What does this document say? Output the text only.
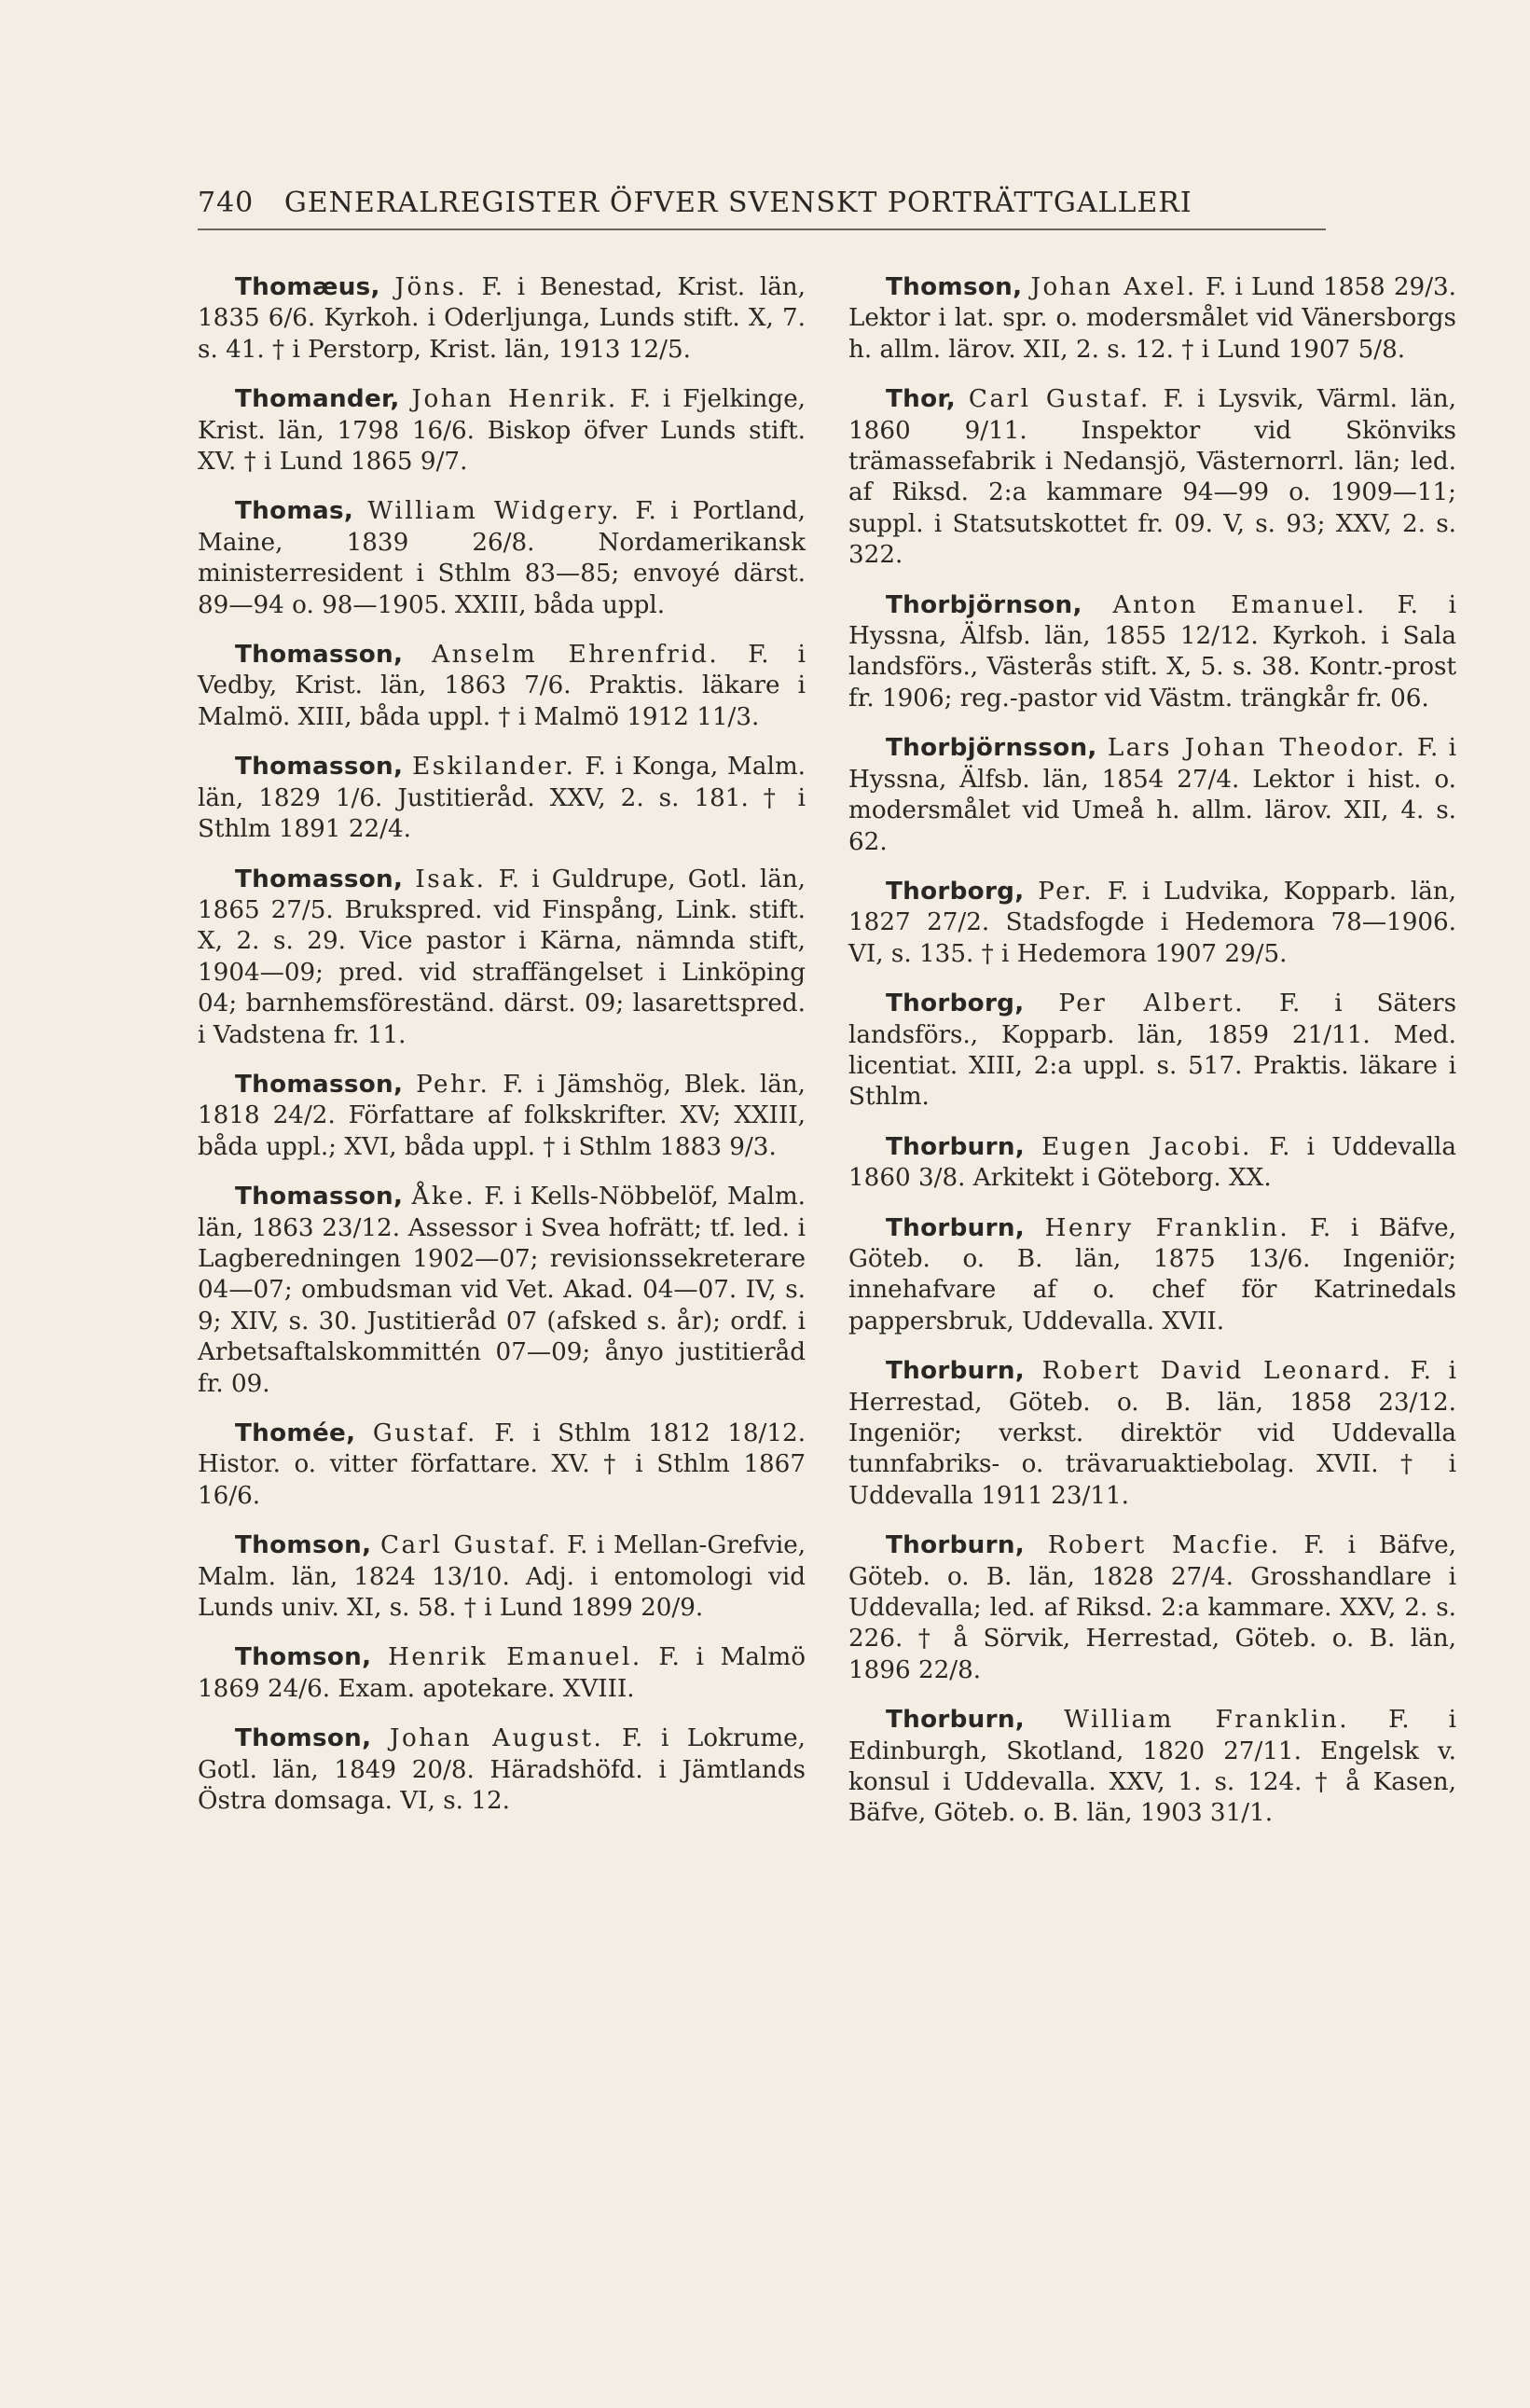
740 GENERALREGISTER ÖFVER SVENSKT PORTRÄTTGALLERI

Thomæus, Jöns. F. i Benestad, Krist. län, 1835 6/6. Kyrkoh. i Oderljunga, Lunds stift. X, 7. s. 41. † i Perstorp, Krist. län, 1913 12/5.

Thomander, Johan Henrik. F. i Fjelkinge, Krist. län, 1798 16/6. Biskop öfver Lunds stift. XV. † i Lund 1865 9/7.

Thomas, William Widgery. F. i Portland, Maine, 1839 26/8. Nordamerikansk ministerresident i Sthlm 83—85; envoyé därst. 89—94 o. 98—1905. XXIII, båda uppl.

Thomasson, Anselm Ehrenfrid. F. i Vedby, Krist. län, 1863 7/6. Praktis. läkare i Malmö. XIII, båda uppl. † i Malmö 1912 11/3.

Thomasson, Eskilander. F. i Konga, Malm. län, 1829 1/6. Justitieråd. XXV, 2. s. 181. † i Sthlm 1891 22/4.

Thomasson, Isak. F. i Guldrupe, Gotl. län, 1865 27/5. Brukspred. vid Finspång, Link. stift. X, 2. s. 29. Vice pastor i Kärna, nämnda stift, 1904—09; pred. vid straffängelset i Linköping 04; barnhemsföreständ. därst. 09; lasarettspred. i Vadstena fr. 11.

Thomasson, Pehr. F. i Jämshög, Blek. län, 1818 24/2. Författare af folkskrifter. XV; XXIII, båda uppl.; XVI, båda uppl. † i Sthlm 1883 9/3.

Thomasson, Åke. F. i Kells-Nöbbelöf, Malm. län, 1863 23/12. Assessor i Svea hofrätt; tf. led. i Lagberedningen 1902—07; revisionssekreterare 04—07; ombudsman vid Vet. Akad. 04—07. IV, s. 9; XIV, s. 30. Justitieråd 07 (afsked s. år); ordf. i Arbetsaftalskommittén 07—09; ånyo justitieråd fr. 09.

Thomée, Gustaf. F. i Sthlm 1812 18/12. Histor. o. vitter författare. XV. † i Sthlm 1867 16/6.

Thomson, Carl Gustaf. F. i Mellan-Grefvie, Malm. län, 1824 13/10. Adj. i entomologi vid Lunds univ. XI, s. 58. † i Lund 1899 20/9.

Thomson, Henrik Emanuel. F. i Malmö 1869 24/6. Exam. apotekare. XVIII.

Thomson, Johan August. F. i Lokrume, Gotl. län, 1849 20/8. Häradshöfd. i Jämtlands Östra domsaga. VI, s. 12.

Thomson, Johan Axel. F. i Lund 1858 29/3. Lektor i lat. spr. o. modersmålet vid Vänersborgs h. allm. lärov. XII, 2. s. 12. † i Lund 1907 5/8.

Thor, Carl Gustaf. F. i Lysvik, Värml. län, 1860 9/11. Inspektor vid Skönviks trämassefabrik i Nedansjö, Västernorrl. län; led. af Riksd. 2:a kammare 94—99 o. 1909—11; suppl. i Statsutskottet fr. 09. V, s. 93; XXV, 2. s. 322.

Thorbjörnson, Anton Emanuel. F. i Hyssna, Älfsb. län, 1855 12/12. Kyrkoh. i Sala landsförs., Västerås stift. X, 5. s. 38. Kontr.-prost fr. 1906; reg.-pastor vid Västm. trängkår fr. 06.

Thorbjörnsson, Lars Johan Theodor. F. i Hyssna, Älfsb. län, 1854 27/4. Lektor i hist. o. modersmålet vid Umeå h. allm. lärov. XII, 4. s. 62.

Thorborg, Per. F. i Ludvika, Kopparb. län, 1827 27/2. Stadsfogde i Hedemora 78—1906. VI, s. 135. † i Hedemora 1907 29/5.

Thorborg, Per Albert. F. i Säters landsförs., Kopparb. län, 1859 21/11. Med. licentiat. XIII, 2:a uppl. s. 517. Praktis. läkare i Sthlm.

Thorburn, Eugen Jacobi. F. i Uddevalla 1860 3/8. Arkitekt i Göteborg. XX.

Thorburn, Henry Franklin. F. i Bäfve, Göteb. o. B. län, 1875 13/6. Ingeniör; innehafvare af o. chef för Katrinedals pappersbruk, Uddevalla. XVII.

Thorburn, Robert David Leonard. F. i Herrestad, Göteb. o. B. län, 1858 23/12. Ingeniör; verkst. direktör vid Uddevalla tunnfabriks- o. trävaruaktiebolag. XVII. † i Uddevalla 1911 23/11.

Thorburn, Robert Macfie. F. i Bäfve, Göteb. o. B. län, 1828 27/4. Grosshandlare i Uddevalla; led. af Riksd. 2:a kammare. XXV, 2. s. 226. † å Sörvik, Herrestad, Göteb. o. B. län, 1896 22/8.

Thorburn, William Franklin. F. i Edinburgh, Skotland, 1820 27/11. Engelsk v. konsul i Uddevalla. XXV, 1. s. 124. † å Kasen, Bäfve, Göteb. o. B. län, 1903 31/1.
